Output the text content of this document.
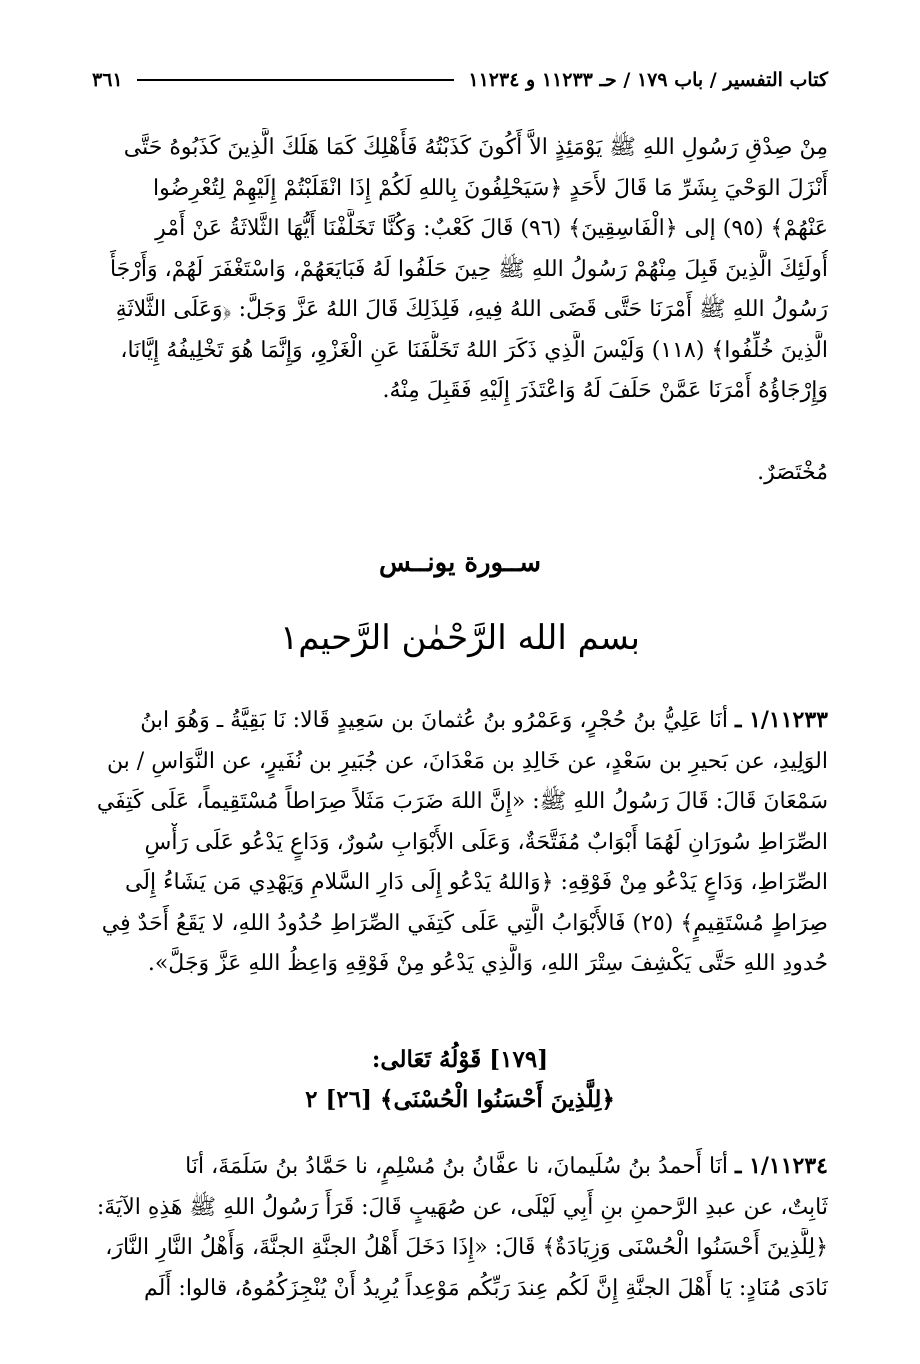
كتاب التفسير / باب ١٧٩ / حـ ١١٢٣٣ و ١١٢٣٤
٣٦١
مِنْ صِدْقِ رَسُولِ اللهِ ﷺ يَوْمَئِذٍ الاَّ أَكُونَ كَذَبْتُهُ فَأَهْلِكَ كَمَا هَلَكَ الَّذِينَ كَذَبُوهُ حَتَّى
أَنْزَلَ الوَحْيَ بِشَرِّ مَا قَالَ لأَحَدٍ ﴿سَيَحْلِفُونَ بِاللهِ لَكُمْ إِذَا انْقَلَبْتُمْ إِلَيْهِمْ لِتُعْرِضُوا
عَنْهُمْ﴾ (٩٥) إلى ﴿الْفَاسِقِينَ﴾ (٩٦) قَالَ كَعْبٌ: وَكُنَّا تَخَلَّفْنَا أَيُّهَا الثَّلاثَةُ عَنْ أَمْرِ
أُولَئِكَ الَّذِينَ قَبِلَ مِنْهُمْ رَسُولُ اللهِ ﷺ حِينَ حَلَفُوا لَهُ فَبَايَعَهُمْ، وَاسْتَغْفَرَ لَهُمْ، وَأَرْجَأَ
رَسُولُ اللهِ ﷺ أَمْرَنَا حَتَّى قَضَى اللهُ فِيهِ، فَلِذَلِكَ قَالَ اللهُ عَزَّ وَجَلَّ: ﴿وَعَلَى الثَّلاثَةِ
الَّذِينَ خُلِّفُوا﴾ (١١٨) وَلَيْسَ الَّذِي ذَكَرَ اللهُ تَخَلُّفَنَا عَنِ الْغَزْوِ، وَإِنَّمَا هُوَ تَخْلِيفُهُ إِيَّانَا،
وَإِرْجَاؤُهُ أَمْرَنَا عَمَّنْ حَلَفَ لَهُ وَاعْتَذَرَ إِلَيْهِ فَقَبِلَ مِنْهُ.
مُخْتَصَرٌ.
ســورة يونــس
بسم الله الرَّحْمٰن الرَّحيم١
١/١١٢٣٣ ـ أنَا عَلِيُّ بنُ حُجْرٍ، وَعَمْرُو بنُ عُثمانَ بن سَعِيدٍ قَالا: نَا بَقِيَّةُ ـ وَهُوَ ابنُ
الوَلِيدِ، عن بَحيرِ بن سَعْدٍ، عن خَالِدِ بن مَعْدَانَ، عن جُبَيرِ بن نُفَيرٍ، عن النَّوَاسِ / بن
سَمْعَانَ قَالَ: قَالَ رَسُولُ اللهِ ﷺ: «إِنَّ اللهَ ضَرَبَ مَثَلاً صِرَاطاً مُسْتَقِيماً، عَلَى كَتِفَي
الصِّرَاطِ سُورَانِ لَهُمَا أَبْوَابٌ مُفَتَّحَةٌ، وَعَلَى الأَبْوَابِ سُورٌ، وَدَاعٍ يَدْعُو عَلَى رَأْسِ
الصِّرَاطِ، وَدَاعٍ يَدْعُو مِنْ فَوْقِهِ: ﴿وَاللهُ يَدْعُو إِلَى دَارِ السَّلامِ وَيَهْدِي مَن يَشَاءُ إِلَى
صِرَاطٍ مُسْتَقِيمٍ﴾ (٢٥) فَالأَبْوَابُ الَّتِي عَلَى كَتِفَي الصِّرَاطِ حُدُودُ اللهِ، لا يَقَعُ أَحَدٌ فِي
حُدودِ اللهِ حَتَّى يَكْشِفَ سِتْرَ اللهِ، وَالَّذِي يَدْعُو مِنْ فَوْقِهِ وَاعِظُ اللهِ عَزَّ وَجَلَّ».
[١٧٩] قَوْلُهُ تَعَالى:
﴿لِلَّذِينَ أَحْسَنُوا الْحُسْنَى﴾ [٢٦] ٢
١/١١٢٣٤ ـ أنَا أَحمدُ بنُ سُلَيمانَ، نا عفَّانُ بنُ مُسْلِمٍ، نا حَمَّادُ بنُ سَلَمَةَ، أنَا
ثَابِتٌ، عن عبدِ الرَّحمنِ بنِ أَبِي لَيْلَى، عن صُهَيبٍ قَالَ: قَرَأَ رَسُولُ اللهِ ﷺ هَذِهِ الآيَةَ:
﴿لِلَّذِينَ أَحْسَنُوا الْحُسْنَى وَزِيَادَةٌ﴾ قَالَ: «إِذَا دَخَلَ أَهْلُ الجنَّةِ الجنَّةَ، وَأَهْلُ النَّارِ النَّارَ،
نَادَى مُنَادٍ: يَا أَهْلَ الجنَّةِ إِنَّ لَكُم عِندَ رَبِّكُم مَوْعِداً يُرِيدُ أَنْ يُنْجِزَكُمُوهُ، قالوا: أَلَم
